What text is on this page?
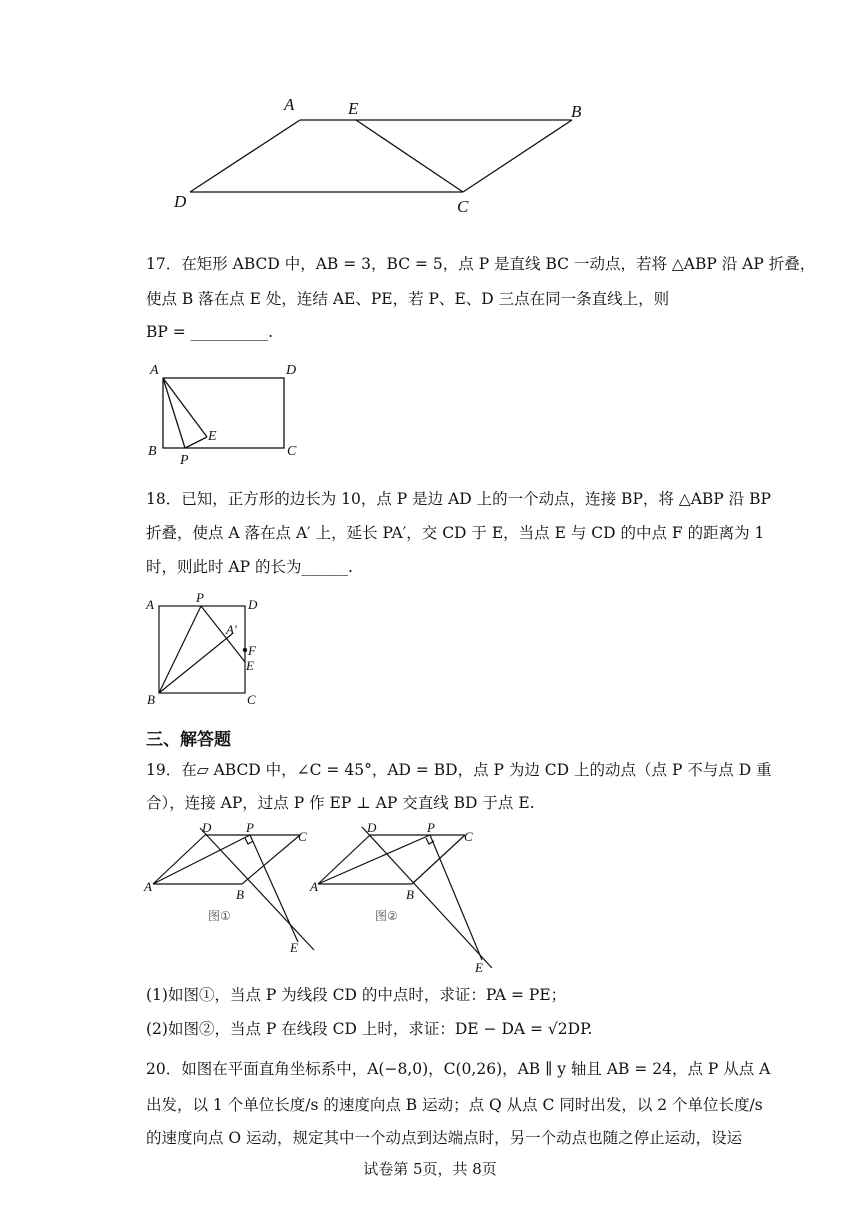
A	E	B
D	C
17．在矩形 ABCD 中，AB = 3，BC = 5，点 P 是直线 BC 一动点，若将 △ABP 沿 AP 折叠，
使点 B 落在点 E 处，连结 AE、PE，若 P、E、D 三点在同一条直线上，则
BP = __________.
A	D
B
P
E
C
18．已知，正方形的边长为 10，点 P 是边 AD 上的一个动点，连接 BP，将 △ABP 沿 BP
折叠，使点 A 落在点 A′ 上，延长 PA′，交 CD 于 E，当点 E 与 CD 的中点 F 的距离为 1
时，则此时 AP 的长为______.
A	P	D
A′
F
E
B	C
三、解答题
19．在▱ ABCD 中，∠C = 45°，AD = BD，点 P 为边 CD 上的动点（点 P 不与点 D 重
合），连接 AP，过点 P 作 EP ⊥ AP 交直线 BD 于点 E.
D	P
C
A
B
图①
E
D	P
C
A
B
图②
E
(1)如图①，当点 P 为线段 CD 的中点时，求证：PA = PE；
(2)如图②，当点 P 在线段 CD 上时，求证：DE − DA = √2DP.
20．如图在平面直角坐标系中，A(−8,0)，C(0,26)，AB ∥ y 轴且 AB = 24，点 P 从点 A
出发，以 1 个单位长度/s 的速度向点 B 运动；点 Q 从点 C 同时出发，以 2 个单位长度/s
的速度向点 O 运动，规定其中一个动点到达端点时，另一个动点也随之停止运动，设运
试卷第 5页，共 8页
